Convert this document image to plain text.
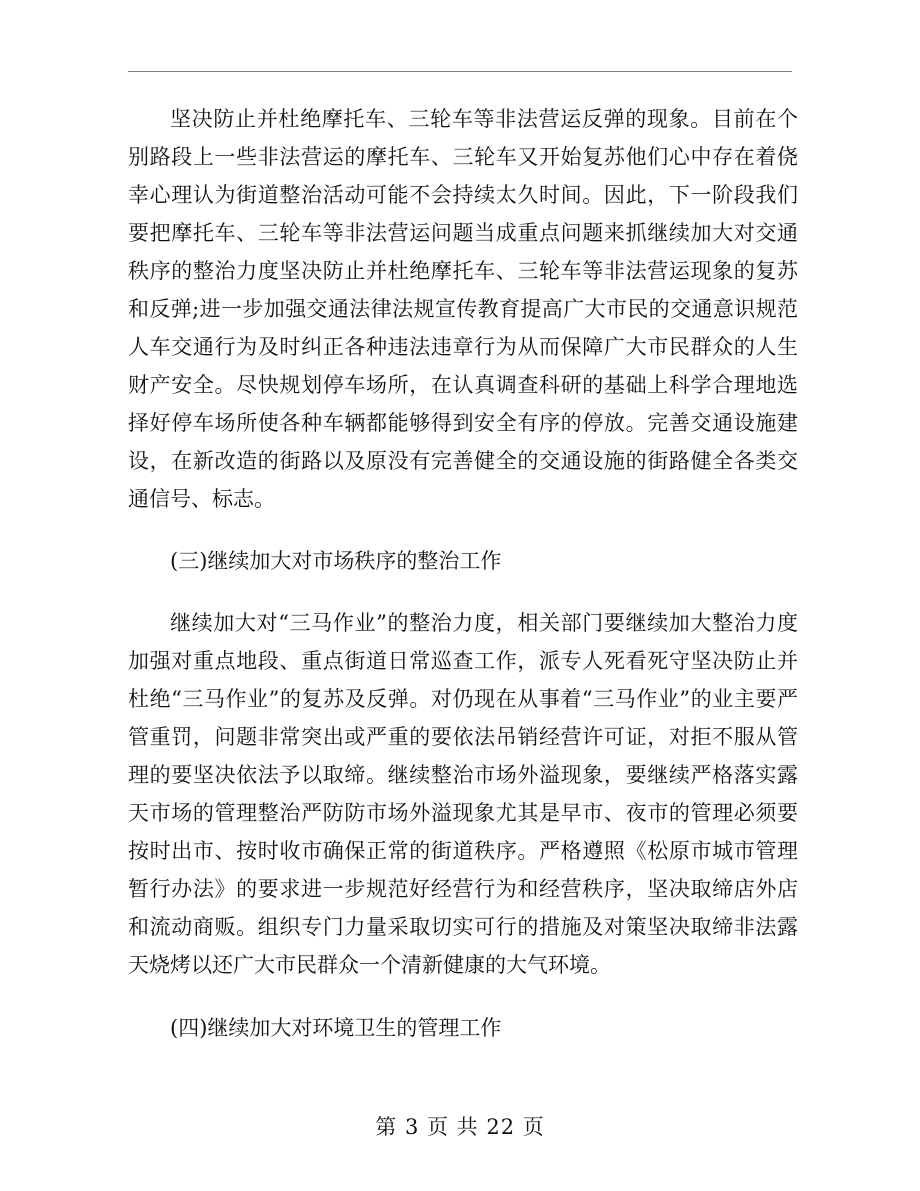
坚决防止并杜绝摩托车、三轮车等非法营运反弹的现象。目前在个别路段上一些非法营运的摩托车、三轮车又开始复苏他们心中存在着侥幸心理认为街道整治活动可能不会持续太久时间。因此，下一阶段我们要把摩托车、三轮车等非法营运问题当成重点问题来抓继续加大对交通秩序的整治力度坚决防止并杜绝摩托车、三轮车等非法营运现象的复苏和反弹;进一步加强交通法律法规宣传教育提高广大市民的交通意识规范人车交通行为及时纠正各种违法违章行为从而保障广大市民群众的人生财产安全。尽快规划停车场所，在认真调查科研的基础上科学合理地选择好停车场所使各种车辆都能够得到安全有序的停放。完善交通设施建设，在新改造的街路以及原没有完善健全的交通设施的街路健全各类交通信号、标志。

(三)继续加大对市场秩序的整治工作

继续加大对“三马作业”的整治力度，相关部门要继续加大整治力度加强对重点地段、重点街道日常巡查工作，派专人死看死守坚决防止并杜绝“三马作业”的复苏及反弹。对仍现在从事着“三马作业”的业主要严管重罚，问题非常突出或严重的要依法吊销经营许可证，对拒不服从管理的要坚决依法予以取缔。继续整治市场外溢现象，要继续严格落实露天市场的管理整治严防防市场外溢现象尤其是早市、夜市的管理必须要按时出市、按时收市确保正常的街道秩序。严格遵照《松原市城市管理暂行办法》的要求进一步规范好经营行为和经营秩序，坚决取缔店外店和流动商贩。组织专门力量采取切实可行的措施及对策坚决取缔非法露天烧烤以还广大市民群众一个清新健康的大气环境。

(四)继续加大对环境卫生的管理工作

第 3 页 共 22 页
